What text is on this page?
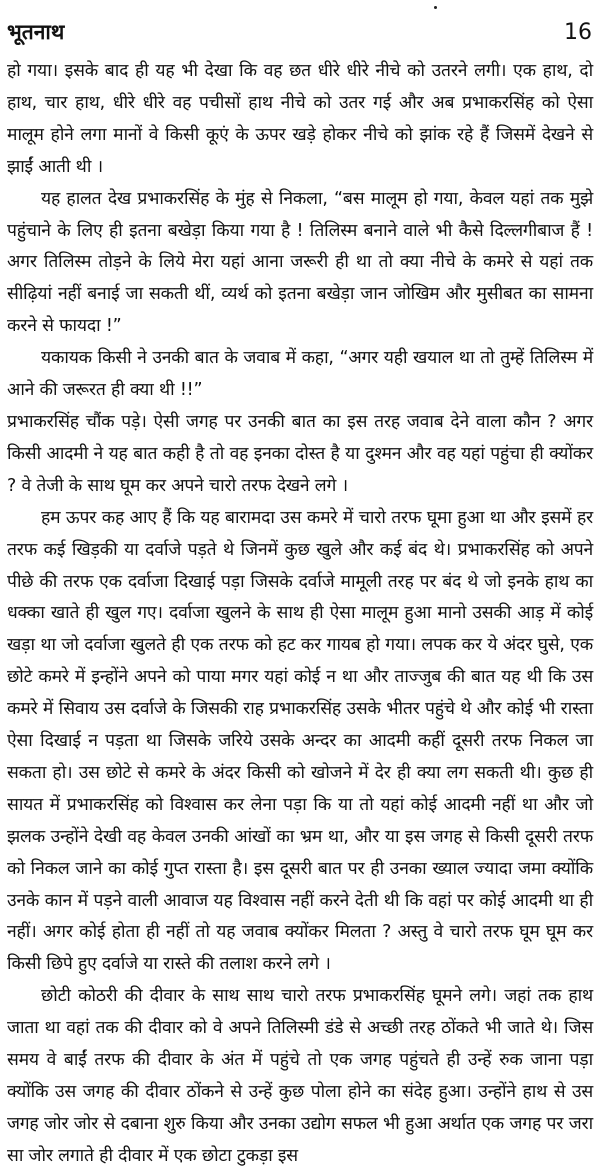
भूतनाथ	16

हो गया। इसके बाद ही यह भी देखा कि वह छत धीरे धीरे नीचे को उतरने लगी। एक हाथ, दो हाथ, चार हाथ, धीरे धीरे वह पचीसों हाथ नीचे को उतर गई और अब प्रभाकरसिंह को ऐसा मालूम होने लगा मानों वे किसी कूएं के ऊपर खड़े होकर नीचे को झांक रहे हैं जिसमें देखने से झाईं आती थी ।

यह हालत देख प्रभाकरसिंह के मुंह से निकला, “बस मालूम हो गया, केवल यहां तक मुझे पहुंचाने के लिए ही इतना बखेड़ा किया गया है ! तिलिस्म बनाने वाले भी कैसे दिल्लगीबाज हैं ! अगर तिलिस्म तोड़ने के लिये मेरा यहां आना जरूरी ही था तो क्या नीचे के कमरे से यहां तक सीढ़ियां नहीं बनाई जा सकती थीं, व्यर्थ को इतना बखेड़ा जान जोखिम और मुसीबत का सामना करने से फायदा !”

यकायक किसी ने उनकी बात के जवाब में कहा, “अगर यही खयाल था तो तुम्हें तिलिस्म में आने की जरूरत ही क्या थी !!”

प्रभाकरसिंह चौंक पड़े। ऐसी जगह पर उनकी बात का इस तरह जवाब देने वाला कौन ? अगर किसी आदमी ने यह बात कही है तो वह इनका दोस्त है या दुश्मन और वह यहां पहुंचा ही क्योंकर ? वे तेजी के साथ घूम कर अपने चारो तरफ देखने लगे ।

हम ऊपर कह आए हैं कि यह बारामदा उस कमरे में चारो तरफ घूमा हुआ था और इसमें हर तरफ कई खिड़की या दर्वाजे पड़ते थे जिनमें कुछ खुले और कई बंद थे। प्रभाकरसिंह को अपने पीछे की तरफ एक दर्वाजा दिखाई पड़ा जिसके दर्वाजे मामूली तरह पर बंद थे जो इनके हाथ का धक्का खाते ही खुल गए। दर्वाजा खुलने के साथ ही ऐसा मालूम हुआ मानो उसकी आड़ में कोई खड़ा था जो दर्वाजा खुलते ही एक तरफ को हट कर गायब हो गया। लपक कर ये अंदर घुसे, एक छोटे कमरे में इन्होंने अपने को पाया मगर यहां कोई न था और ताज्जुब की बात यह थी कि उस कमरे में सिवाय उस दर्वाजे के जिसकी राह प्रभाकरसिंह उसके भीतर पहुंचे थे और कोई भी रास्ता ऐसा दिखाई न पड़ता था जिसके जरिये उसके अन्दर का आदमी कहीं दूसरी तरफ निकल जा सकता हो। उस छोटे से कमरे के अंदर किसी को खोजने में देर ही क्या लग सकती थी। कुछ ही सायत में प्रभाकरसिंह को विश्वास कर लेना पड़ा कि या तो यहां कोई आदमी नहीं था और जो झलक उन्होंने देखी वह केवल उनकी आंखों का भ्रम था, और या इस जगह से किसी दूसरी तरफ को निकल जाने का कोई गुप्त रास्ता है। इस दूसरी बात पर ही उनका ख्याल ज्यादा जमा क्योंकि उनके कान में पड़ने वाली आवाज यह विश्वास नहीं करने देती थी कि वहां पर कोई आदमी था ही नहीं। अगर कोई होता ही नहीं तो यह जवाब क्योंकर मिलता ? अस्तु वे चारो तरफ घूम घूम कर किसी छिपे हुए दर्वाजे या रास्ते की तलाश करने लगे ।

छोटी कोठरी की दीवार के साथ साथ चारो तरफ प्रभाकरसिंह घूमने लगे। जहां तक हाथ जाता था वहां तक की दीवार को वे अपने तिलिस्मी डंडे से अच्छी तरह ठोंकते भी जाते थे। जिस समय वे बाईं तरफ की दीवार के अंत में पहुंचे तो एक जगह पहुंचते ही उन्हें रुक जाना पड़ा क्योंकि उस जगह की दीवार ठोंकने से उन्हें कुछ पोला होने का संदेह हुआ। उन्होंने हाथ से उस जगह जोर जोर से दबाना शुरु किया और उनका उद्योग सफल भी हुआ अर्थात एक जगह पर जरा सा जोर लगाते ही दीवार में एक छोटा टुकड़ा इस
